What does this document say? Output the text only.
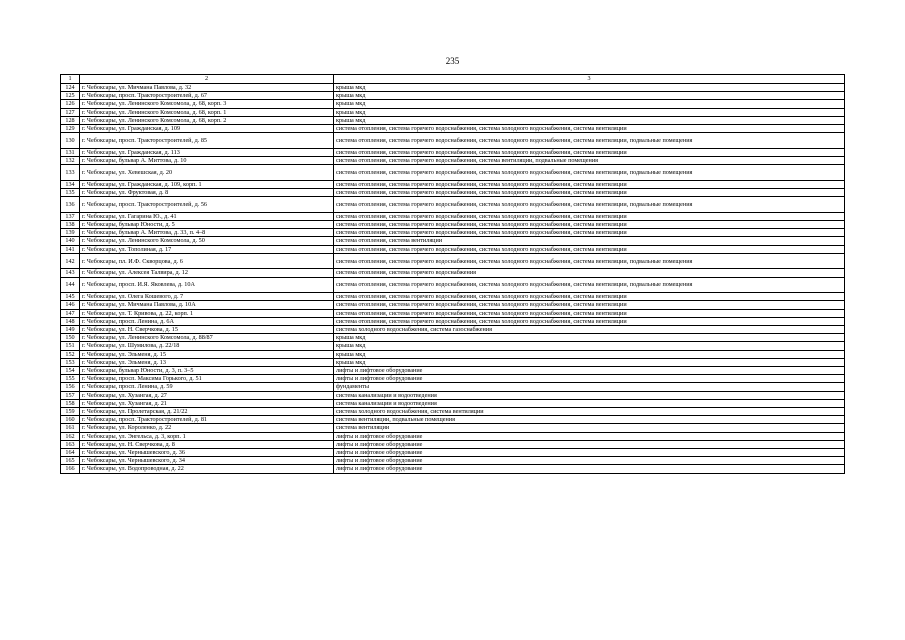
235
1	2	3
124	г. Чебоксары, ул. Мичмана Павлова, д. 32	крыша мкд
125	г. Чебоксары, просп. Тракторостроителей, д. 67	крыша мкд
126	г. Чебоксары, ул. Ленинского Комсомола, д. 68, корп. 3	крыша мкд
127	г. Чебоксары, ул. Ленинского Комсомола, д. 68, корп. 1	крыша мкд
128	г. Чебоксары, ул. Ленинского Комсомола, д. 68, корп. 2	крыша мкд
129	г. Чебоксары, ул. Гражданская, д. 109	система отопления, система горячего водоснабжения, система холодного водоснабжения, система вентиляции
130	г. Чебоксары, просп. Тракторостроителей, д. 85	система отопления, система горячего водоснабжения, система холодного водоснабжения, система вентиляции, подвальные помещения
131	г. Чебоксары, ул. Гражданская, д. 113	система отопления, система горячего водоснабжения, система холодного водоснабжения, система вентиляции
132	г. Чебоксары, бульвар А. Миттова, д. 10	система отопления, система горячего водоснабжения, система вентиляции, подвальные помещения
133	г. Чебоксары, ул. Хевешская, д. 20	система отопления, система горячего водоснабжения, система холодного водоснабжения, система вентиляции, подвальные помещения
134	г. Чебоксары, ул. Гражданская, д. 109, корп. 1	система отопления, система горячего водоснабжения, система холодного водоснабжения, система вентиляции
135	г. Чебоксары, ул. Фруктовая, д. 8	система отопления, система горячего водоснабжения, система холодного водоснабжения, система вентиляции
136	г. Чебоксары, просп. Тракторостроителей, д. 56	система отопления, система горячего водоснабжения, система холодного водоснабжения, система вентиляции, подвальные помещения
137	г. Чебоксары, ул. Гагарина Ю., д. 41	система отопления, система горячего водоснабжения, система холодного водоснабжения, система вентиляции
138	г. Чебоксары, бульвар Юности, д. 5	система отопления, система горячего водоснабжения, система холодного водоснабжения, система вентиляции
139	г. Чебоксары, бульвар А. Миттова, д. 33, п. 4–8	система отопления, система горячего водоснабжения, система холодного водоснабжения, система вентиляции
140	г. Чебоксары, ул. Ленинского Комсомола, д. 50	система отопления, система вентиляции
141	г. Чебоксары, ул. Тополиная, д. 17	система отопления, система горячего водоснабжения, система холодного водоснабжения, система вентиляции
142	г. Чебоксары, пл. И.Ф. Скворцова, д. 6	система отопления, система горячего водоснабжения, система холодного водоснабжения, система вентиляции, подвальные помещения
143	г. Чебоксары, ул. Алексея Талвира, д. 12	система отопления, система горячего водоснабжения
144	г. Чебоксары, просп. И.Я. Яковлева, д. 10А	система отопления, система горячего водоснабжения, система холодного водоснабжения, система вентиляции, подвальные помещения
145	г. Чебоксары, ул. Олега Кошевого, д. 7	система отопления, система горячего водоснабжения, система холодного водоснабжения, система вентиляции
146	г. Чебоксары, ул. Мичмана Павлова, д. 10А	система отопления, система горячего водоснабжения, система холодного водоснабжения, система вентиляции
147	г. Чебоксары, ул. Т. Кривова, д. 22, корп. 1	система отопления, система горячего водоснабжения, система холодного водоснабжения, система вентиляции
148	г. Чебоксары, просп. Ленина, д. 6А	система отопления, система горячего водоснабжения, система холодного водоснабжения, система вентиляции
149	г. Чебоксары, ул. Н. Сверчкова, д. 15	система холодного водоснабжения, система газоснабжения
150	г. Чебоксары, ул. Ленинского Комсомола, д. 88/87	крыша мкд
151	г. Чебоксары, ул. Шумилова, д. 22/18	крыша мкд
152	г. Чебоксары, ул. Эльменя, д. 15	крыша мкд
153	г. Чебоксары, ул. Эльменя, д. 13	крыша мкд
154	г. Чебоксары, бульвар Юности, д. 3, п. 3–5	лифты и лифтовое оборудование
155	г. Чебоксары, просп. Максима Горького, д. 51	лифты и лифтовое оборудование
156	г. Чебоксары, просп. Ленина, д. 59	фундаменты
157	г. Чебоксары, ул. Хузангая, д. 27	система канализации и водоотведения
158	г. Чебоксары, ул. Хузангая, д. 21	система канализации и водоотведения
159	г. Чебоксары, ул. Пролетарская, д. 21/22	система холодного водоснабжения, система вентиляции
160	г. Чебоксары, просп. Тракторостроителей, д. 81	система вентиляции, подвальные помещения
161	г. Чебоксары, ул. Короленко, д. 22	система вентиляции
162	г. Чебоксары, ул. Энгельса, д. 3, корп. 1	лифты и лифтовое оборудование
163	г. Чебоксары, ул. Н. Сверчкова, д. 8	лифты и лифтовое оборудование
164	г. Чебоксары, ул. Чернышевского, д. 36	лифты и лифтовое оборудование
165	г. Чебоксары, ул. Чернышевского, д. 34	лифты и лифтовое оборудование
166	г. Чебоксары, ул. Водопроводная, д. 22	лифты и лифтовое оборудование
